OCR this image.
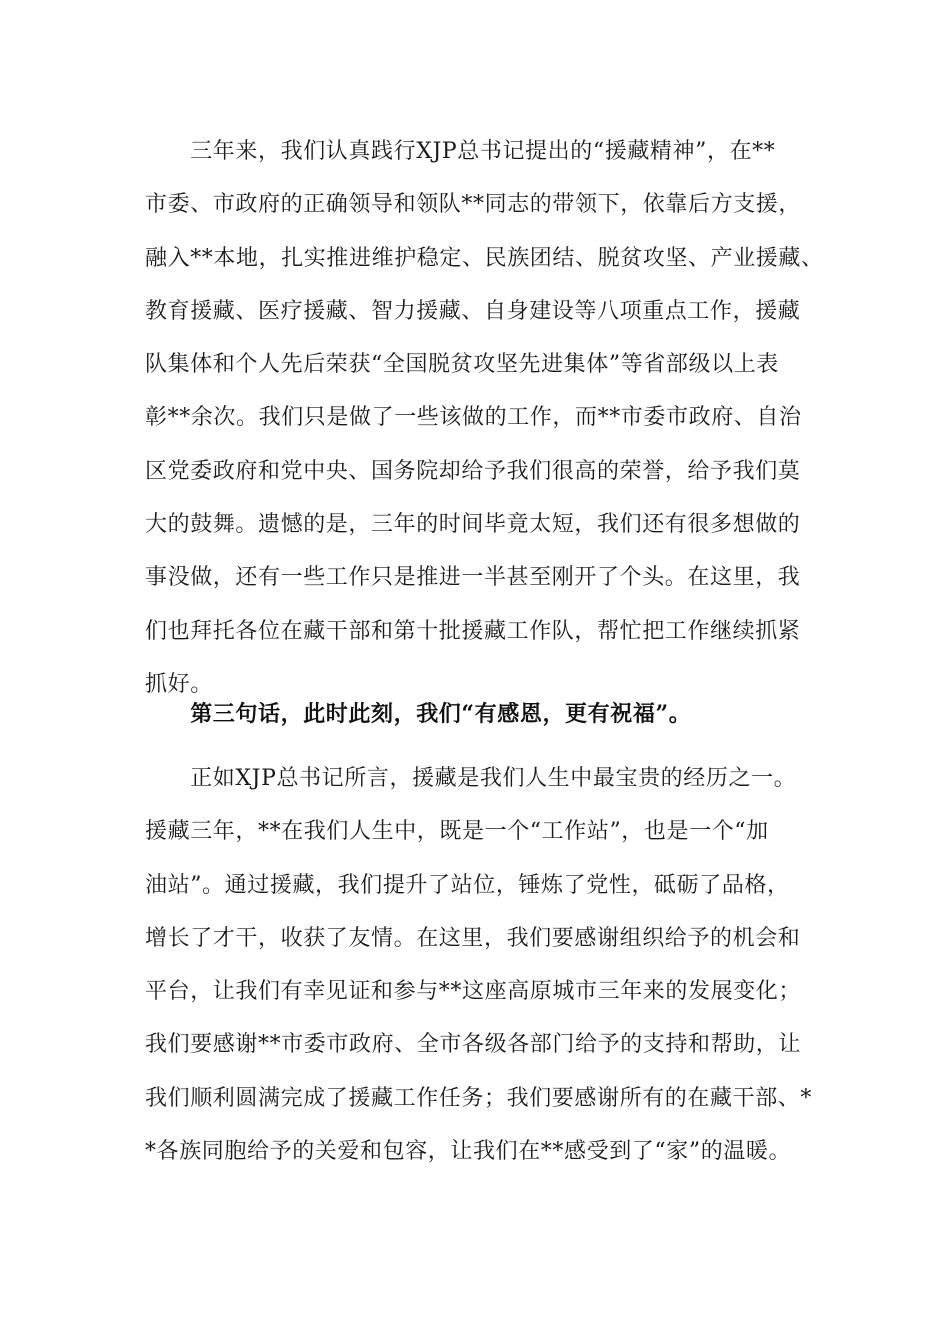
　　三年来，我们认真践行XJP总书记提出的“援藏精神”，在**
市委、市政府的正确领导和领队**同志的带领下，依靠后方支援，
融入**本地，扎实推进维护稳定、民族团结、脱贫攻坚、产业援藏、
教育援藏、医疗援藏、智力援藏、自身建设等八项重点工作，援藏
队集体和个人先后荣获“全国脱贫攻坚先进集体”等省部级以上表
彰**余次。我们只是做了一些该做的工作，而**市委市政府、自治
区党委政府和党中央、国务院却给予我们很高的荣誉，给予我们莫
大的鼓舞。遗憾的是，三年的时间毕竟太短，我们还有很多想做的
事没做，还有一些工作只是推进一半甚至刚开了个头。在这里，我
们也拜托各位在藏干部和第十批援藏工作队，帮忙把工作继续抓紧
抓好。
　　第三句话，此时此刻，我们“有感恩，更有祝福”。
　　正如XJP总书记所言，援藏是我们人生中最宝贵的经历之一。
援藏三年，**在我们人生中，既是一个“工作站”，也是一个“加
油站”。通过援藏，我们提升了站位，锤炼了党性，砥砺了品格，
增长了才干，收获了友情。在这里，我们要感谢组织给予的机会和
平台，让我们有幸见证和参与**这座高原城市三年来的发展变化；
我们要感谢**市委市政府、全市各级各部门给予的支持和帮助，让
我们顺利圆满完成了援藏工作任务；我们要感谢所有的在藏干部、*
*各族同胞给予的关爱和包容，让我们在**感受到了“家”的温暖。
